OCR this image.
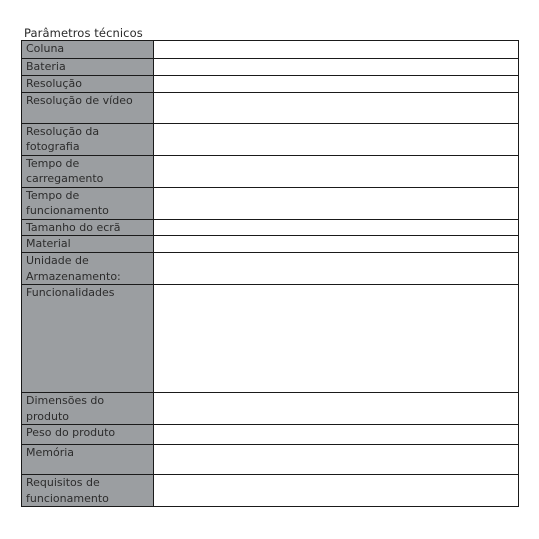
Parâmetros técnicos
Coluna	
Bateria	
Resolução	
Resolução de vídeo	
Resolução da fotografia	
Tempo de carregamento	
Tempo de funcionamento	
Tamanho do ecrã	
Material	
Unidade de Armazenamento:	
Funcionalidades	
Dimensões do produto	
Peso do produto	
Memória	
Requisitos de funcionamento	
